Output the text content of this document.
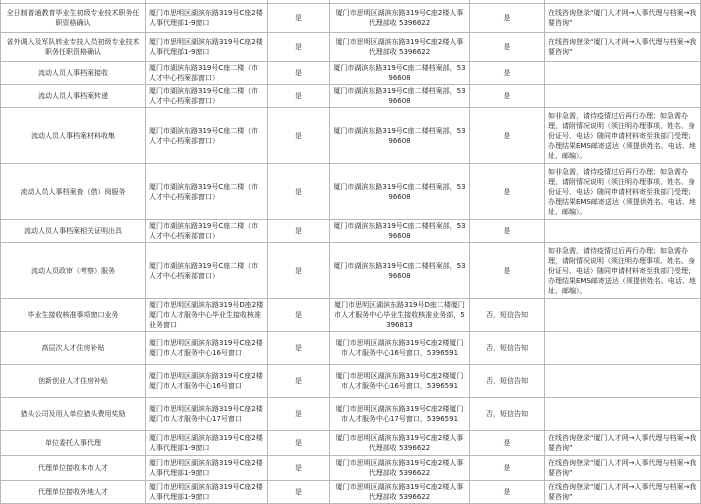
全日制普通教育毕业生初级专业技术职务任职资格确认	厦门市思明区湖滨东路319号C座2楼人事代理部1-9窗口	是	厦门市思明区湖滨东路319号C座2楼人事代理部收 5396622	是	在线咨询登录“厦门人才网→人事代理与档案→我要咨询”
省外调入及军队转业专技人员初级专业技术职务任职资格确认	厦门市思明区湖滨东路319号C座2楼人事代理部1-9窗口	是	厦门市思明区湖滨东路319号C座2楼人事代理部收 5396622	是	在线咨询登录“厦门人才网→人事代理与档案→我要咨询”
流动人员人事档案接收	厦门市湖滨东路319号C座二楼（市人才中心档案部窗口）	是	厦门市湖滨东路319号C座二楼档案部，5396608	是	
流动人员人事档案转递	厦门市湖滨东路319号C座二楼（市人才中心档案部窗口）	是	厦门市湖滨东路319号C座二楼档案部，5396608	是	
流动人员人事档案材料收集	厦门市湖滨东路319号C座二楼（市人才中心档案部窗口）	是	厦门市湖滨东路319号C座二楼档案部，5396608	是	如非急需，请待疫情过后再行办理；如急需办理，请附情况说明（须注明办理事项、姓名、身份证号、电话）随同申请材料寄至我部门受理；办理结果EMS邮寄送达（须提供姓名、电话、地址、邮编）。
流动人员人事档案查（借）阅服务	厦门市湖滨东路319号C座二楼（市人才中心档案部窗口）	是	厦门市湖滨东路319号C座二楼档案部，5396608	是	如非急需，请待疫情过后再行办理；如急需办理，请附情况说明（须注明办理事项、姓名、身份证号、电话）随同申请材料寄至我部门受理；办理结果EMS邮寄送达（须提供姓名、电话、地址、邮编）。
流动人员人事档案相关证明出具	厦门市湖滨东路319号C座二楼（市人才中心档案部窗口）	是	厦门市湖滨东路319号C座二楼档案部，5396608	是	
流动人员政审（考察）服务	厦门市湖滨东路319号C座二楼（市人才中心档案部窗口）	是	厦门市湖滨东路319号C座二楼档案部，5396608	是	如非急需，请待疫情过后再行办理；如急需办理，请附情况说明（须注明办理事项、姓名、身份证号、电话）随同申请材料寄至我部门受理；办理结果EMS邮寄送达（须提供姓名、电话、地址、邮编）。
毕业生接收核准事项窗口业务	厦门市思明区湖滨东路319号D座2楼厦门市人才服务中心毕业生接收核准业务窗口	是	厦门市思明区湖滨东路319号D座二楼厦门市人才服务中心毕业生接收核准业务部，5396813	否，短信告知	
高层次人才住房补贴	厦门市思明区湖滨东路319号C座2楼厦门市人才服务中心16号窗口	是	厦门市思明区湖滨东路319号C座2楼厦门市人才服务中心16号窗口，5396591	否，短信告知	
创新创业人才住房补贴	厦门市思明区湖滨东路319号C座2楼厦门市人才服务中心16号窗口	是	厦门市思明区湖滨东路319号C座2楼厦门市人才服务中心16号窗口，5396591	否，短信告知	
猎头公司及用人单位猎头费用奖励	厦门市思明区湖滨东路319号C座2楼厦门市人才服务中心17号窗口	是	厦门市思明区湖滨东路319号C座2楼厦门市人才服务中心17号窗口，5396591	否，短信告知	
单位委托人事代理	厦门市思明区湖滨东路319号C座2楼人事代理部1-9窗口	是	厦门市思明区湖滨东路319号C座2楼人事代理部收 5396622	是	在线咨询登录“厦门人才网→人事代理与档案→我要咨询”
代理单位接收本市人才	厦门市思明区湖滨东路319号C座2楼人事代理部1-9窗口	是	厦门市思明区湖滨东路319号C座2楼人事代理部收 5396622	是	在线咨询登录“厦门人才网→人事代理与档案→我要咨询”
代理单位接收外地人才	厦门市思明区湖滨东路319号C座2楼人事代理部1-9窗口	是	厦门市思明区湖滨东路319号C座2楼人事代理部收 5396622	是	在线咨询登录“厦门人才网→人事代理与档案→我要咨询”
